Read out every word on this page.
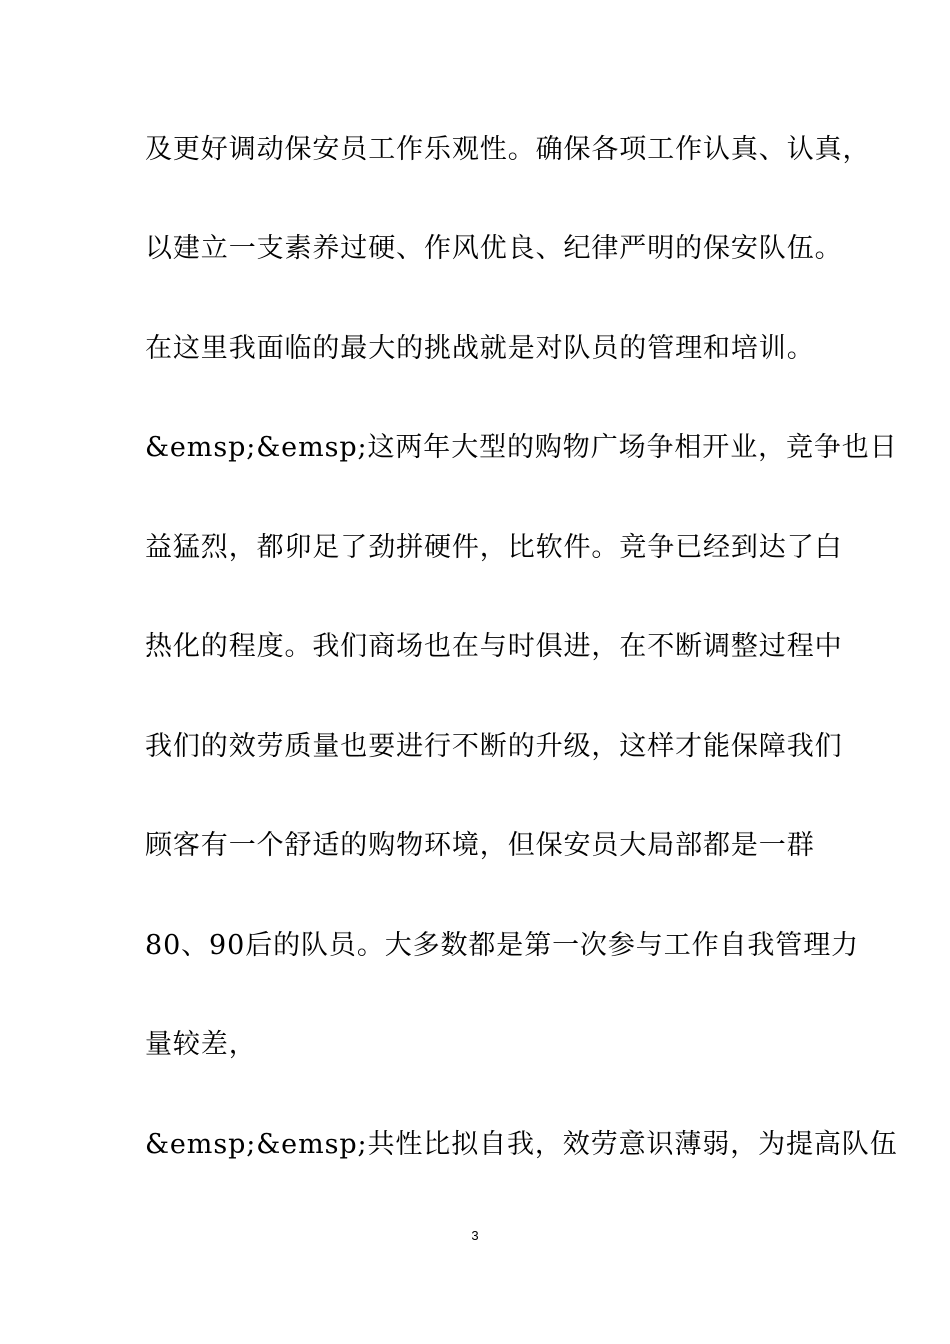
及更好调动保安员工作乐观性。确保各项工作认真、认真，
以建立一支素养过硬、作风优良、纪律严明的保安队伍。
在这里我面临的最大的挑战就是对队员的管理和培训。
&emsp;&emsp;这两年大型的购物广场争相开业，竞争也日
益猛烈，都卯足了劲拼硬件，比软件。竞争已经到达了白
热化的程度。我们商场也在与时俱进，在不断调整过程中
我们的效劳质量也要进行不断的升级，这样才能保障我们
顾客有一个舒适的购物环境，但保安员大局部都是一群
80、90后的队员。大多数都是第一次参与工作自我管理力
量较差，
&emsp;&emsp;共性比拟自我，效劳意识薄弱，为提高队伍
3
